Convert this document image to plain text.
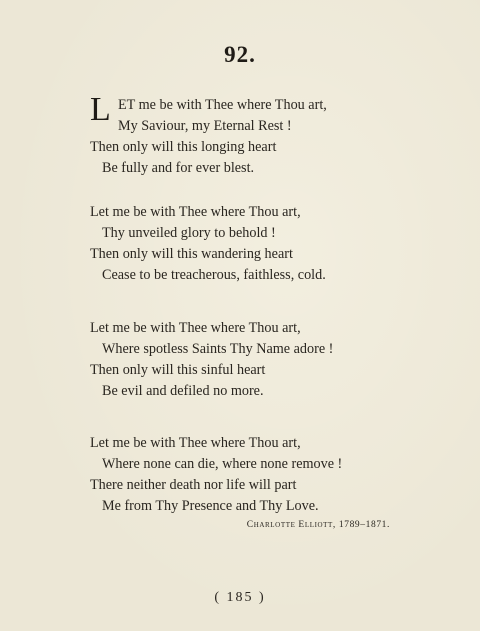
92.
L ET me be with Thee where Thou art,
My Saviour, my Eternal Rest !
Then only will this longing heart
Be fully and for ever blest.
Let me be with Thee where Thou art,
Thy unveiled glory to behold !
Then only will this wandering heart
Cease to be treacherous, faithless, cold.
Let me be with Thee where Thou art,
Where spotless Saints Thy Name adore !
Then only will this sinful heart
Be evil and defiled no more.
Let me be with Thee where Thou art,
Where none can die, where none remove !
There neither death nor life will part
Me from Thy Presence and Thy Love.
Charlotte Elliott, 1789–1871.
( 185 )
